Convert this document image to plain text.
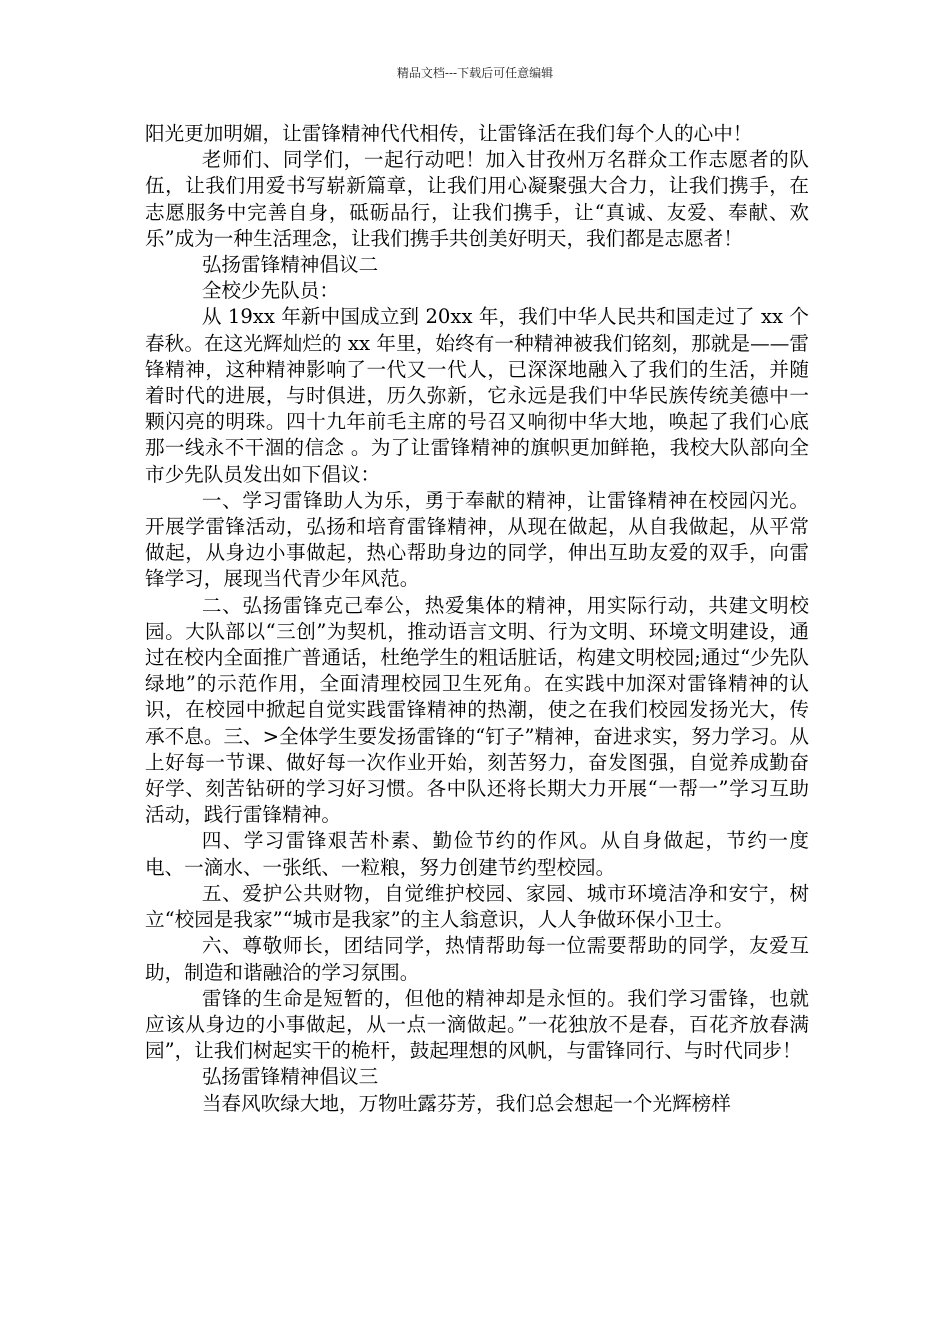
精品文档---下载后可任意编辑

阳光更加明媚，让雷锋精神代代相传，让雷锋活在我们每个人的心中！

老师们、同学们，一起行动吧！加入甘孜州万名群众工作志愿者的队伍，让我们用爱书写崭新篇章，让我们用心凝聚强大合力，让我们携手，在志愿服务中完善自身，砥砺品行，让我们携手，让“真诚、友爱、奉献、欢乐”成为一种生活理念，让我们携手共创美好明天，我们都是志愿者！

弘扬雷锋精神倡议二

全校少先队员：

从 19xx 年新中国成立到 20xx 年，我们中华人民共和国走过了 xx 个春秋。在这光辉灿烂的 xx 年里，始终有一种精神被我们铭刻，那就是——雷锋精神，这种精神影响了一代又一代人，已深深地融入了我们的生活，并随着时代的进展，与时俱进，历久弥新，它永远是我们中华民族传统美德中一颗闪亮的明珠。四十九年前毛主席的号召又响彻中华大地，唤起了我们心底那一线永不干涸的信念 。为了让雷锋精神的旗帜更加鲜艳，我校大队部向全市少先队员发出如下倡议：

一、学习雷锋助人为乐，勇于奉献的精神，让雷锋精神在校园闪光。开展学雷锋活动，弘扬和培育雷锋精神，从现在做起，从自我做起，从平常做起，从身边小事做起，热心帮助身边的同学，伸出互助友爱的双手，向雷锋学习，展现当代青少年风范。

二、弘扬雷锋克己奉公，热爱集体的精神，用实际行动，共建文明校园。大队部以“三创”为契机，推动语言文明、行为文明、环境文明建设，通过在校内全面推广普通话，杜绝学生的粗话脏话，构建文明校园;通过“少先队绿地”的示范作用，全面清理校园卫生死角。在实践中加深对雷锋精神的认识，在校园中掀起自觉实践雷锋精神的热潮，使之在我们校园发扬光大，传承不息。三、>全体学生要发扬雷锋的“钉子”精神，奋进求实，努力学习。从上好每一节课、做好每一次作业开始，刻苦努力，奋发图强，自觉养成勤奋好学、刻苦钻研的学习好习惯。各中队还将长期大力开展“一帮一”学习互助活动，践行雷锋精神。

四、学习雷锋艰苦朴素、勤俭节约的作风。从自身做起，节约一度电、一滴水、一张纸、一粒粮，努力创建节约型校园。

五、爱护公共财物，自觉维护校园、家园、城市环境洁净和安宁，树立“校园是我家”“城市是我家”的主人翁意识，人人争做环保小卫士。

六、尊敬师长，团结同学，热情帮助每一位需要帮助的同学，友爱互助，制造和谐融洽的学习氛围。

雷锋的生命是短暂的，但他的精神却是永恒的。我们学习雷锋，也就应该从身边的小事做起，从一点一滴做起。”一花独放不是春，百花齐放春满园”，让我们树起实干的桅杆，鼓起理想的风帆，与雷锋同行、与时代同步！

弘扬雷锋精神倡议三

当春风吹绿大地，万物吐露芬芳，我们总会想起一个光辉榜样
